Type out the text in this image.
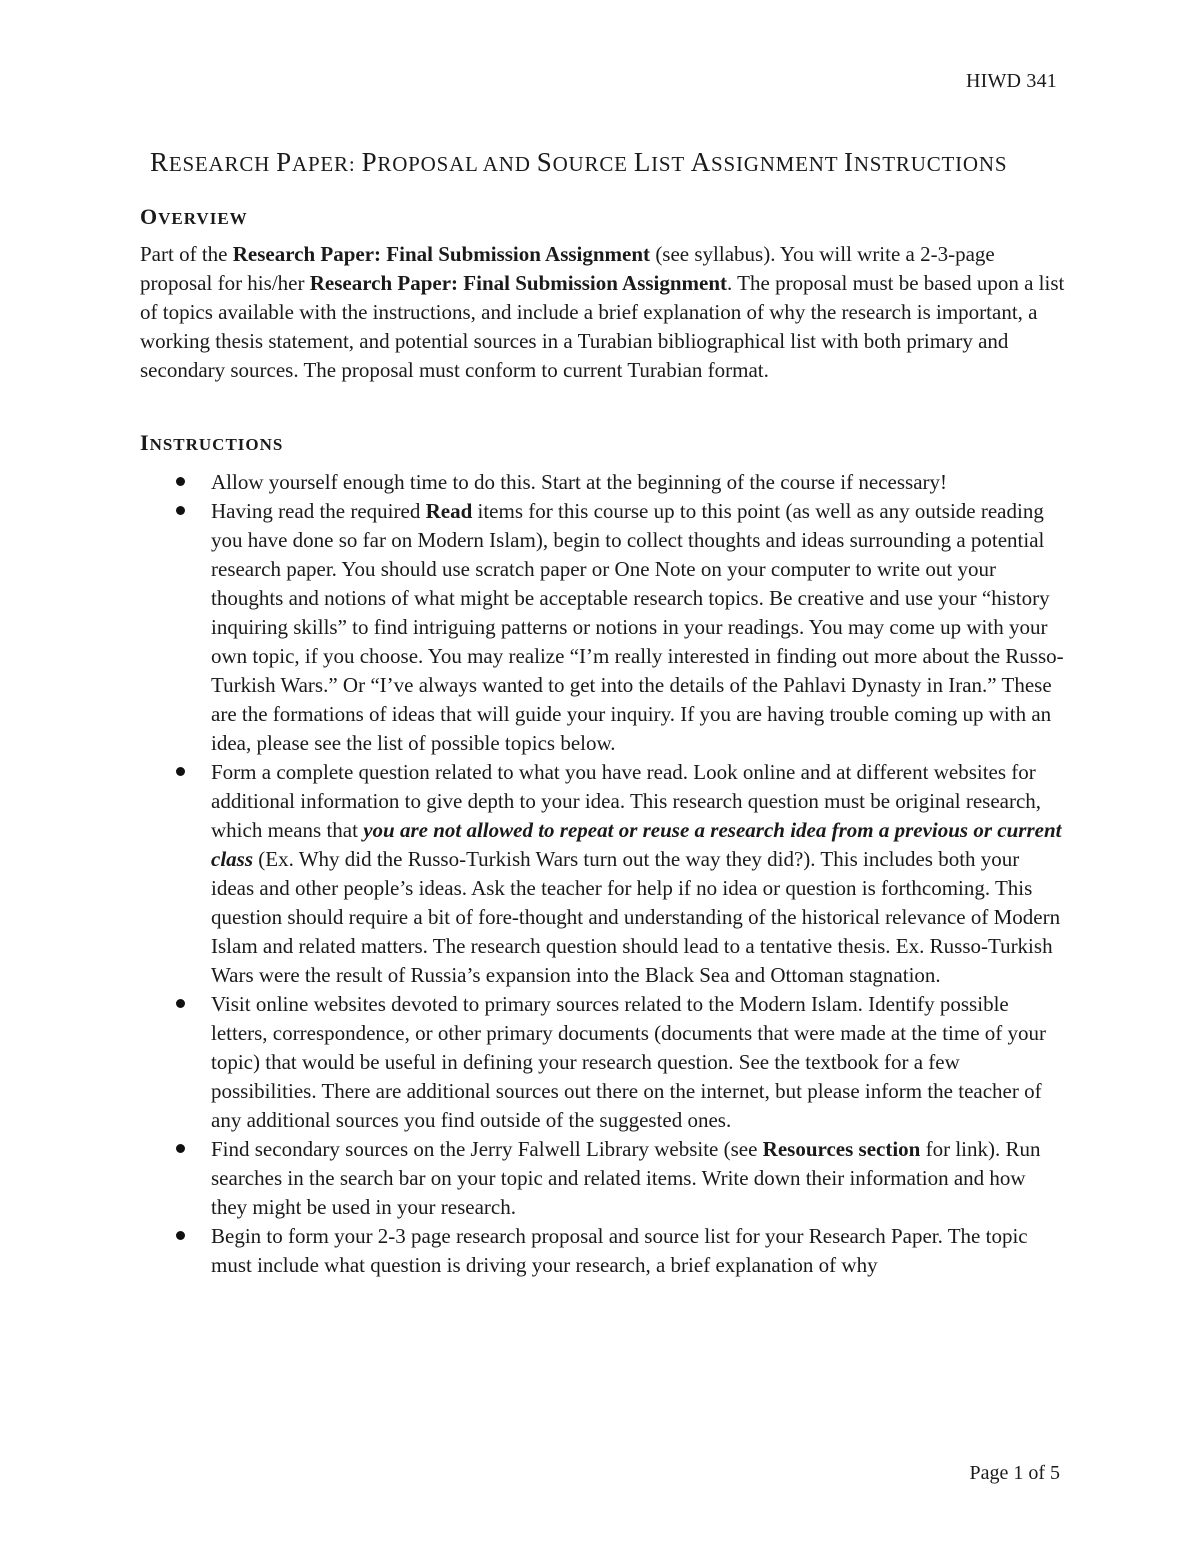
HIWD 341
RESEARCH PAPER: PROPOSAL AND SOURCE LIST ASSIGNMENT INSTRUCTIONS
OVERVIEW

Part of the Research Paper: Final Submission Assignment (see syllabus). You will write a 2-3-page proposal for his/her Research Paper: Final Submission Assignment. The proposal must be based upon a list of topics available with the instructions, and include a brief explanation of why the research is important, a working thesis statement, and potential sources in a Turabian bibliographical list with both primary and secondary sources. The proposal must conform to current Turabian format.

INSTRUCTIONS
Allow yourself enough time to do this. Start at the beginning of the course if necessary!
Having read the required Read items for this course up to this point (as well as any outside reading you have done so far on Modern Islam), begin to collect thoughts and ideas surrounding a potential research paper. You should use scratch paper or One Note on your computer to write out your thoughts and notions of what might be acceptable research topics. Be creative and use your “history inquiring skills” to find intriguing patterns or notions in your readings. You may come up with your own topic, if you choose. You may realize “I’m really interested in finding out more about the Russo-Turkish Wars.” Or “I’ve always wanted to get into the details of the Pahlavi Dynasty in Iran.” These are the formations of ideas that will guide your inquiry. If you are having trouble coming up with an idea, please see the list of possible topics below.
Form a complete question related to what you have read. Look online and at different websites for additional information to give depth to your idea. This research question must be original research, which means that you are not allowed to repeat or reuse a research idea from a previous or current class (Ex. Why did the Russo-Turkish Wars turn out the way they did?). This includes both your ideas and other people’s ideas. Ask the teacher for help if no idea or question is forthcoming. This question should require a bit of fore-thought and understanding of the historical relevance of Modern Islam and related matters. The research question should lead to a tentative thesis. Ex. Russo-Turkish Wars were the result of Russia’s expansion into the Black Sea and Ottoman stagnation.
Visit online websites devoted to primary sources related to the Modern Islam. Identify possible letters, correspondence, or other primary documents (documents that were made at the time of your topic) that would be useful in defining your research question. See the textbook for a few possibilities. There are additional sources out there on the internet, but please inform the teacher of any additional sources you find outside of the suggested ones.
Find secondary sources on the Jerry Falwell Library website (see Resources section for link). Run searches in the search bar on your topic and related items. Write down their information and how they might be used in your research.
Begin to form your 2-3 page research proposal and source list for your Research Paper. The topic must include what question is driving your research, a brief explanation of why
Page 1 of 5
